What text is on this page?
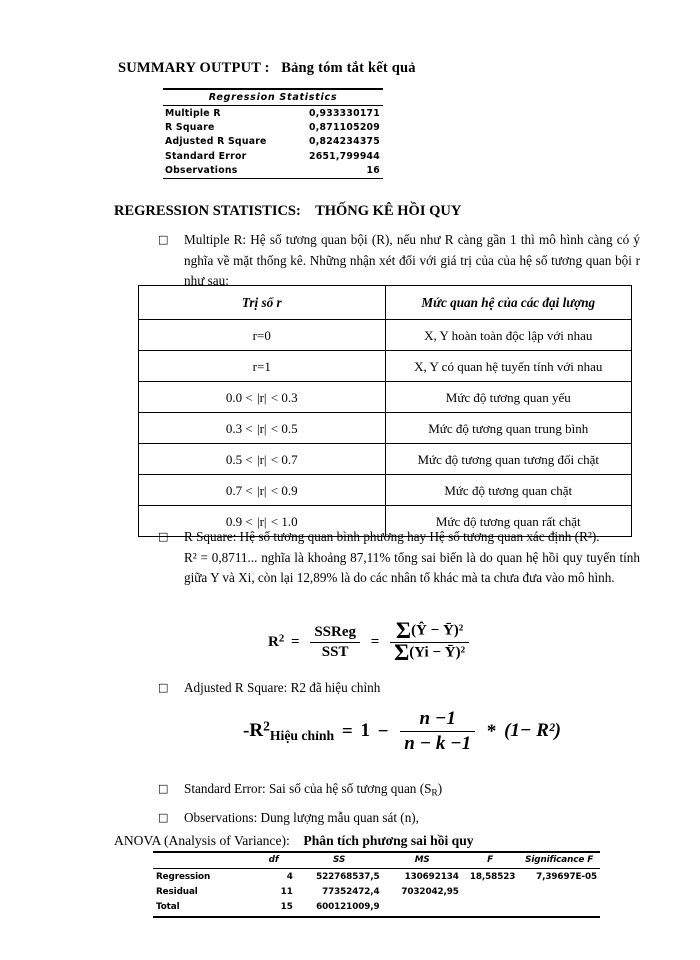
SUMMARY OUTPUT : Bảng tóm tắt kết quả
Regression Statistics	
Multiple R	0,933330171
R Square	0,871105209
Adjusted R Square	0,824234375
Standard Error	2651,799944
Observations	16
REGRESSION STATISTICS: THỐNG KÊ HỒI QUY
□ Multiple R: Hệ số tương quan bội (R), nếu như R càng gần 1 thì mô hình càng có ý nghĩa về mặt thống kê. Những nhận xét đối với giá trị của của hệ số tương quan bội r như sau:
Trị số r	Mức quan hệ của các đại lượng
r=0	X, Y hoàn toàn độc lập với nhau
r=1	X, Y có quan hệ tuyến tính với nhau
0.0 < |r| < 0.3	Mức độ tương quan yếu
0.3 < |r| < 0.5	Mức độ tương quan trung bình
0.5 < |r| < 0.7	Mức độ tương quan tương đối chặt
0.7 < |r| < 0.9	Mức độ tương quan chặt
0.9 < |r| < 1.0	Mức độ tương quan rất chặt
□ R Square: Hệ số tương quan bình phương hay Hệ số tương quan xác định (R²).
R² = 0,8711... nghĩa là khoảng 87,11% tổng sai biến là do quan hệ hồi quy tuyến tính giữa Y và Xi, còn lại 12,89% là do các nhân tố khác mà ta chưa đưa vào mô hình.
$R^2 = \frac{\text{SSReg}}{\text{SST}} = \frac{\text{Σ(Ŷ − Ȳ)²}}{\text{Σ(Yi − Ȳ)²}}$
□ Adjusted R Square: R2 đã hiệu chỉnh
$-R^2_{Hiệu chỉnh} = 1 - \frac{n -1}{n - k -1} * (1- R^2)$
□ Standard Error: Sai số của hệ số tương quan $(S_R)$
□ Observations: Dung lượng mẫu quan sát (n),
ANOVA (Analysis of Variance): Phân tích phương sai hồi quy
	df	SS	MS	F	Significance F
Regression	4	522768537,5	130692134	18,58523	7,39697E-05
Residual	11	77352472,4	7032042,95		
Total	15	600121009,9			
